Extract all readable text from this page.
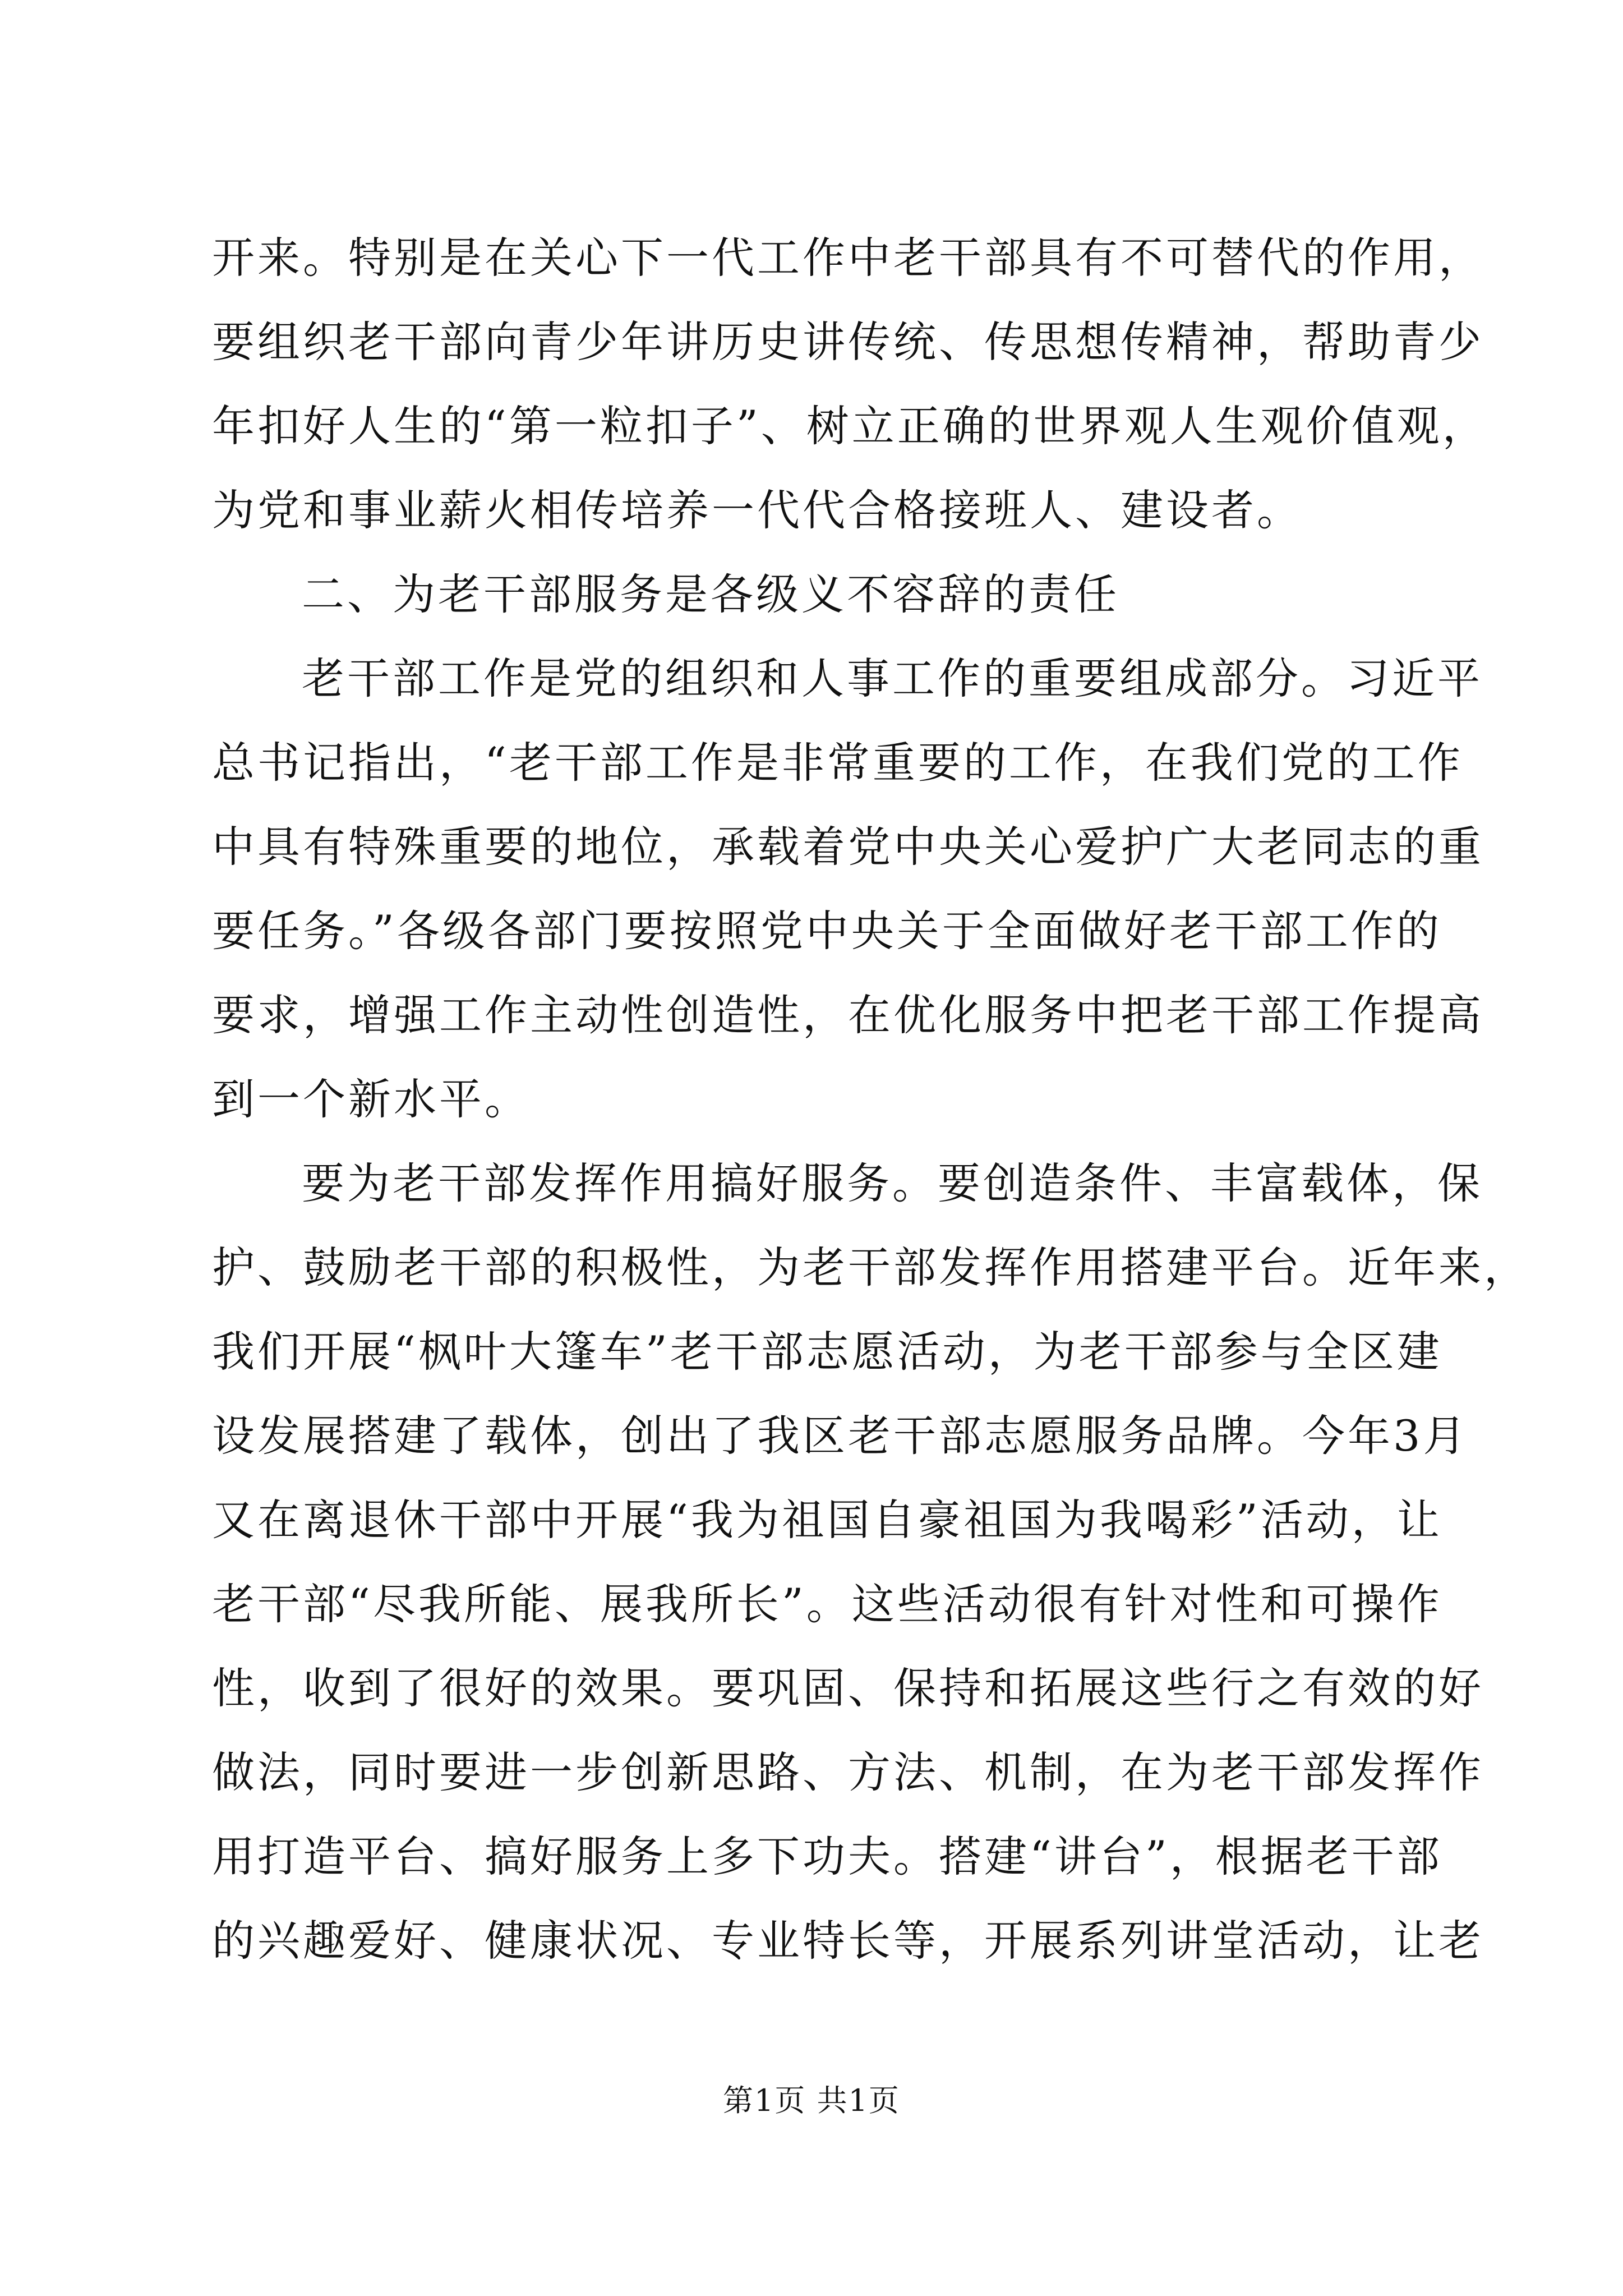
开来。特别是在关心下一代工作中老干部具有不可替代的作用，
要组织老干部向青少年讲历史讲传统、传思想传精神，帮助青少
年扣好人生的“第一粒扣子”、树立正确的世界观人生观价值观，
为党和事业薪火相传培养一代代合格接班人、建设者。
二、为老干部服务是各级义不容辞的责任
老干部工作是党的组织和人事工作的重要组成部分。习近平
总书记指出，“老干部工作是非常重要的工作，在我们党的工作
中具有特殊重要的地位，承载着党中央关心爱护广大老同志的重
要任务。”各级各部门要按照党中央关于全面做好老干部工作的
要求，增强工作主动性创造性，在优化服务中把老干部工作提高
到一个新水平。
要为老干部发挥作用搞好服务。要创造条件、丰富载体，保
护、鼓励老干部的积极性，为老干部发挥作用搭建平台。近年来，
我们开展“枫叶大篷车”老干部志愿活动，为老干部参与全区建
设发展搭建了载体，创出了我区老干部志愿服务品牌。今年3月
又在离退休干部中开展“我为祖国自豪祖国为我喝彩”活动，让
老干部“尽我所能、展我所长”。这些活动很有针对性和可操作
性，收到了很好的效果。要巩固、保持和拓展这些行之有效的好
做法，同时要进一步创新思路、方法、机制，在为老干部发挥作
用打造平台、搞好服务上多下功夫。搭建“讲台”，根据老干部
的兴趣爱好、健康状况、专业特长等，开展系列讲堂活动，让老
第1页 共1页
